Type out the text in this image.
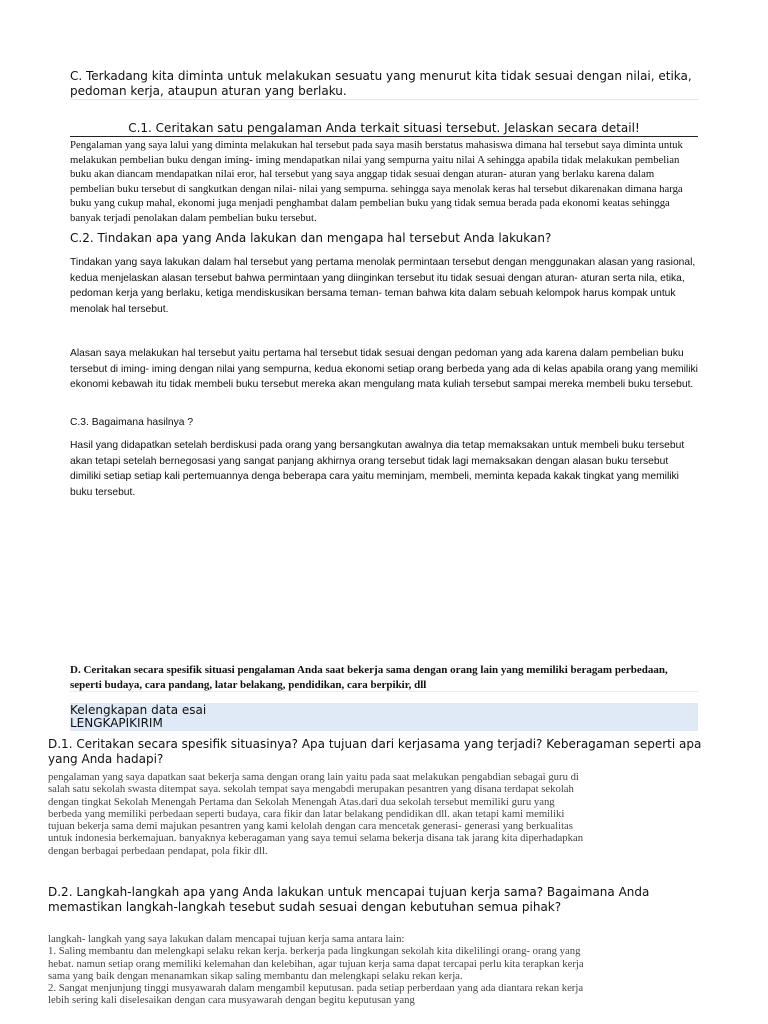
C. Terkadang kita diminta untuk melakukan sesuatu yang menurut kita tidak sesuai dengan nilai, etika, pedoman kerja, ataupun aturan yang berlaku.

C.1. Ceritakan satu pengalaman Anda terkait situasi tersebut. Jelaskan secara detail!

Pengalaman yang saya lalui yang diminta melakukan hal tersebut pada saya masih berstatus mahasiswa dimana hal tersebut saya diminta untuk melakukan pembelian buku dengan iming- iming mendapatkan nilai yang sempurna yaitu nilai A sehingga apabila tidak melakukan pembelian buku akan diancam mendapatkan nilai eror, hal tersebut yang saya anggap tidak sesuai dengan aturan- aturan yang berlaku karena dalam pembelian buku tersebut di sangkutkan dengan nilai- nilai yang sempurna. sehingga saya menolak keras hal tersebut dikarenakan dimana harga buku yang cukup mahal, ekonomi juga menjadi penghambat dalam pembelian buku yang tidak semua berada pada ekonomi keatas sehingga banyak terjadi penolakan dalam pembelian buku tersebut.

C.2. Tindakan apa yang Anda lakukan dan mengapa hal tersebut Anda lakukan?

Tindakan yang saya lakukan dalam hal tersebut yang pertama menolak permintaan tersebut dengan menggunakan alasan yang rasional, kedua menjelaskan alasan tersebut bahwa permintaan yang diinginkan tersebut itu tidak sesuai dengan aturan- aturan serta nila, etika, pedoman kerja yang berlaku, ketiga mendiskusikan bersama teman- teman bahwa kita dalam sebuah kelompok harus kompak untuk menolak hal tersebut.

Alasan saya melakukan hal tersebut yaitu pertama hal tersebut tidak sesuai dengan pedoman yang ada karena dalam pembelian buku tersebut di iming- iming dengan nilai yang sempurna, kedua ekonomi setiap orang berbeda yang ada di kelas apabila orang yang memiliki ekonomi kebawah itu tidak membeli buku tersebut mereka akan mengulang mata kuliah tersebut sampai mereka membeli buku tersebut.

C.3. Bagaimana hasilnya ?

Hasil yang didapatkan setelah berdiskusi pada orang yang bersangkutan awalnya dia tetap memaksakan untuk membeli buku tersebut akan tetapi setelah bernegosasi yang sangat panjang akhirnya orang tersebut tidak lagi memaksakan dengan alasan buku tersebut dimiliki setiap setiap kali pertemuannya denga beberapa cara yaitu meminjam, membeli, meminta kepada kakak tingkat yang memiliki buku tersebut.

D. Ceritakan secara spesifik situasi pengalaman Anda saat bekerja sama dengan orang lain yang memiliki beragam perbedaan, seperti budaya, cara pandang, latar belakang, pendidikan, cara berpikir, dll

Kelengkapan data esai
LENGKAPIKIRIM

D.1. Ceritakan secara spesifik situasinya? Apa tujuan dari kerjasama yang terjadi? Keberagaman seperti apa yang Anda hadapi?

pengalaman yang saya dapatkan saat bekerja sama dengan orang lain yaitu pada saat melakukan pengabdian sebagai guru di salah satu sekolah swasta ditempat saya. sekolah tempat saya mengabdi merupakan pesantren yang disana terdapat sekolah dengan tingkat Sekolah Menengah Pertama dan Sekolah Menengah Atas.dari dua sekolah tersebut memiliki guru yang berbeda yang memiliki perbedaan seperti budaya, cara fikir dan latar belakang pendidikan dll. akan tetapi kami memiliki tujuan bekerja sama demi majukan pesantren yang kami kelolah dengan cara mencetak generasi- generasi yang berkualitas untuk indonesia berkemajuan. banyaknya keberagaman yang saya temui selama bekerja disana tak jarang kita diperhadapkan dengan berbagai perbedaan pendapat, pola fikir dll.

D.2. Langkah-langkah apa yang Anda lakukan untuk mencapai tujuan kerja sama? Bagaimana Anda memastikan langkah-langkah tesebut sudah sesuai dengan kebutuhan semua pihak?

langkah- langkah yang saya lakukan dalam mencapai tujuan kerja sama antara lain:
1. Saling membantu dan melengkapi selaku rekan kerja. berkerja pada lingkungan sekolah kita dikelilingi orang- orang yang hebat. namun setiap orang memiliki kelemahan dan kelebihan, agar tujuan kerja sama dapat tercapai perlu kita terapkan kerja sama yang baik dengan menanamkan sikap saling membantu dan melengkapi selaku rekan kerja.
2. Sangat menjunjung tinggi musyawarah dalam mengambil keputusan. pada setiap perberdaan yang ada diantara rekan kerja lebih sering kali diselesaikan dengan cara musyawarah dengan begitu keputusan yang
